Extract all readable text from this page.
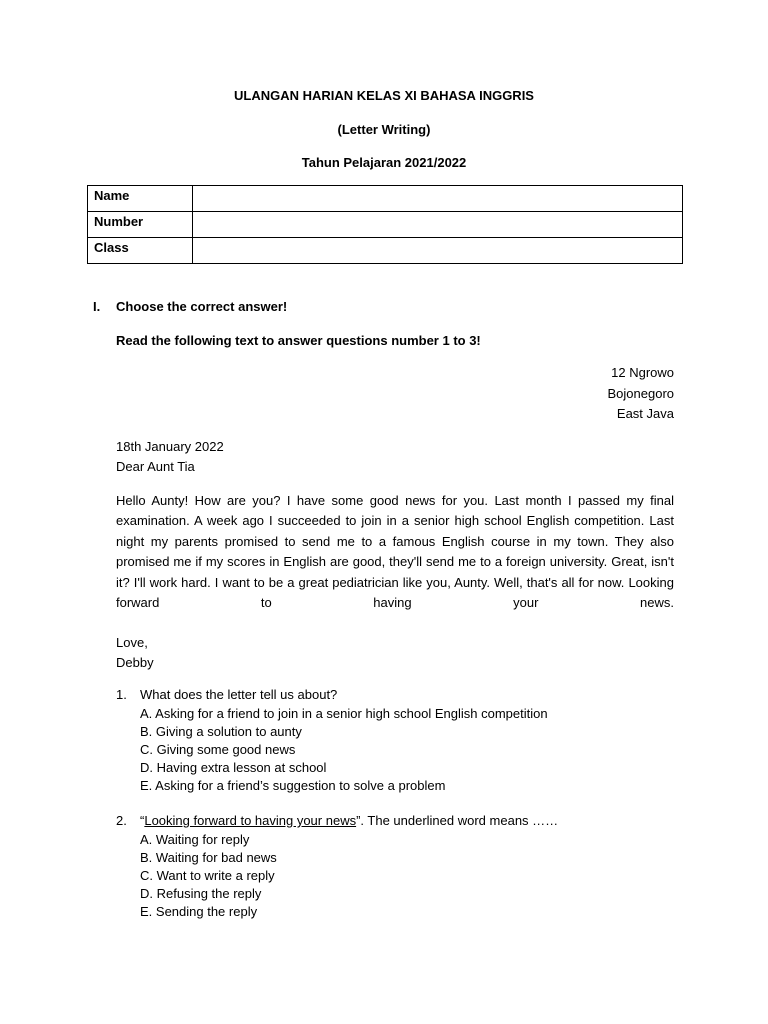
ULANGAN HARIAN KELAS XI BAHASA INGGRIS
(Letter Writing)
Tahun Pelajaran 2021/2022
Name	
Number	
Class	
I. Choose the correct answer!
Read the following text to answer questions number 1 to 3!
12 Ngrowo
Bojonegoro
East Java
18th January 2022
Dear Aunt Tia
Hello Aunty! How are you? I have some good news for you. Last month I passed my final examination. A week ago I succeeded to join in a senior high school English competition. Last night my parents promised to send me to a famous English course in my town. They also promised me if my scores in English are good, they'll send me to a foreign university. Great, isn't it? I'll work hard. I want to be a great pediatrician like you, Aunty. Well, that's all for now. Looking forward to having your news.
Love,
Debby
1. What does the letter tell us about?
A. Asking for a friend to join in a senior high school English competition
B. Giving a solution to aunty
C. Giving some good news
D. Having extra lesson at school
E. Asking for a friend’s suggestion to solve a problem
2. “Looking forward to having your news”. The underlined word means ……
A. Waiting for reply
B. Waiting for bad news
C. Want to write a reply
D. Refusing the reply
E. Sending the reply
